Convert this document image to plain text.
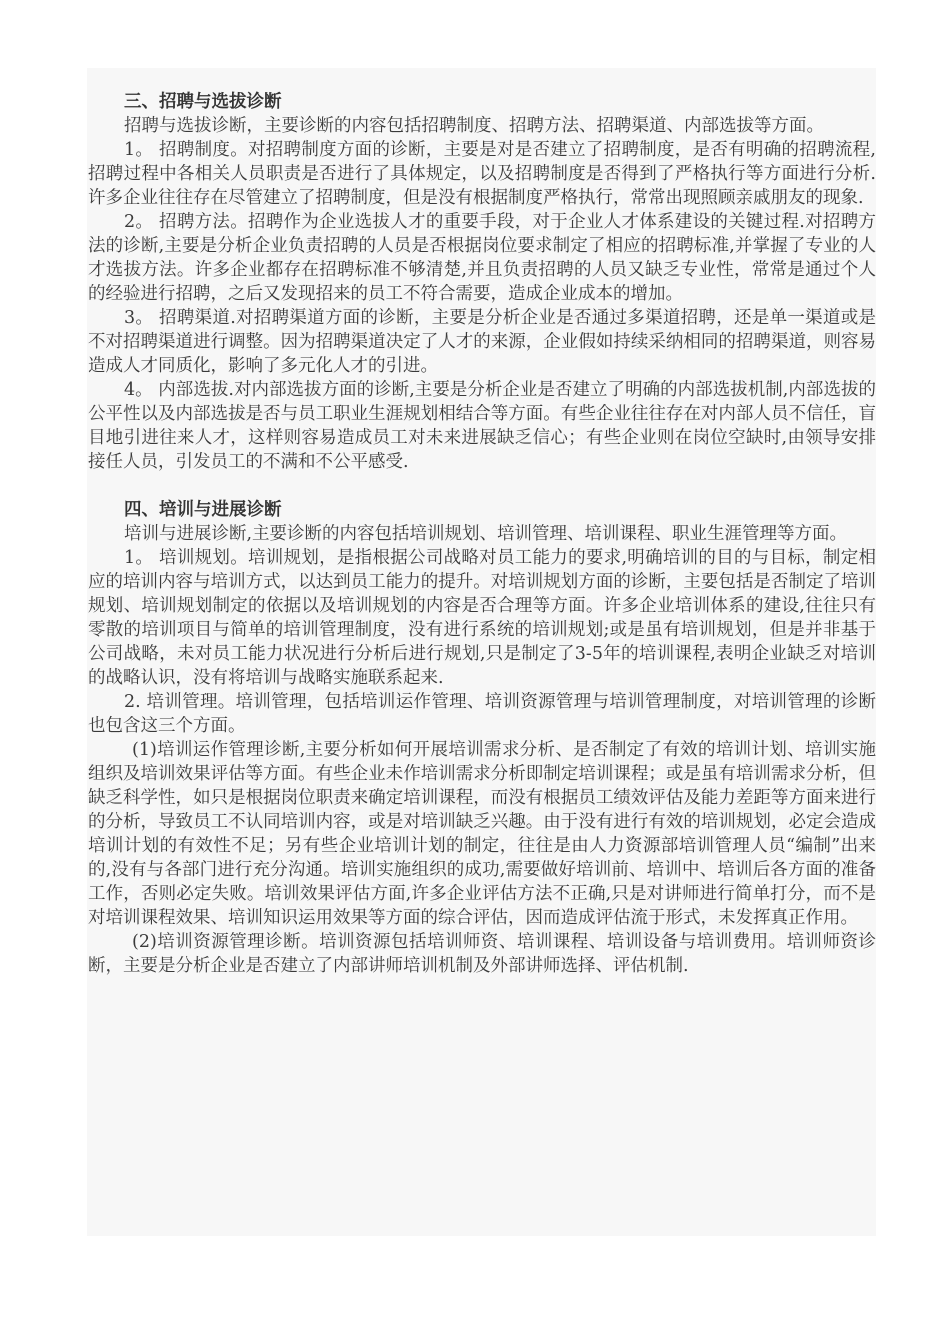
三、招聘与选拔诊断

招聘与选拔诊断，主要诊断的内容包括招聘制度、招聘方法、招聘渠道、内部选拔等方面。

1。 招聘制度。对招聘制度方面的诊断，主要是对是否建立了招聘制度，是否有明确的招聘流程,招聘过程中各相关人员职责是否进行了具体规定，以及招聘制度是否得到了严格执行等方面进行分析.许多企业往往存在尽管建立了招聘制度，但是没有根据制度严格执行，常常出现照顾亲戚朋友的现象.

2。 招聘方法。招聘作为企业选拔人才的重要手段，对于企业人才体系建设的关键过程.对招聘方法的诊断,主要是分析企业负责招聘的人员是否根据岗位要求制定了相应的招聘标准,并掌握了专业的人才选拔方法。许多企业都存在招聘标准不够清楚,并且负责招聘的人员又缺乏专业性，常常是通过个人的经验进行招聘，之后又发现招来的员工不符合需要，造成企业成本的增加。

3。 招聘渠道.对招聘渠道方面的诊断，主要是分析企业是否通过多渠道招聘，还是单一渠道或是不对招聘渠道进行调整。因为招聘渠道决定了人才的来源，企业假如持续采纳相同的招聘渠道，则容易造成人才同质化，影响了多元化人才的引进。

4。 内部选拔.对内部选拔方面的诊断,主要是分析企业是否建立了明确的内部选拔机制,内部选拔的公平性以及内部选拔是否与员工职业生涯规划相结合等方面。有些企业往往存在对内部人员不信任，盲目地引进往来人才，这样则容易造成员工对未来进展缺乏信心；有些企业则在岗位空缺时,由领导安排接任人员，引发员工的不满和不公平感受.

四、培训与进展诊断

培训与进展诊断,主要诊断的内容包括培训规划、培训管理、培训课程、职业生涯管理等方面。

1。 培训规划。培训规划，是指根据公司战略对员工能力的要求,明确培训的目的与目标，制定相应的培训内容与培训方式，以达到员工能力的提升。对培训规划方面的诊断，主要包括是否制定了培训规划、培训规划制定的依据以及培训规划的内容是否合理等方面。许多企业培训体系的建设,往往只有零散的培训项目与简单的培训管理制度，没有进行系统的培训规划;或是虽有培训规划，但是并非基于公司战略，未对员工能力状况进行分析后进行规划,只是制定了3-5年的培训课程,表明企业缺乏对培训的战略认识，没有将培训与战略实施联系起来.

2. 培训管理。培训管理，包括培训运作管理、培训资源管理与培训管理制度，对培训管理的诊断也包含这三个方面。

(1)培训运作管理诊断,主要分析如何开展培训需求分析、是否制定了有效的培训计划、培训实施组织及培训效果评估等方面。有些企业未作培训需求分析即制定培训课程；或是虽有培训需求分析，但缺乏科学性，如只是根据岗位职责来确定培训课程，而没有根据员工绩效评估及能力差距等方面来进行的分析，导致员工不认同培训内容，或是对培训缺乏兴趣。由于没有进行有效的培训规划，必定会造成培训计划的有效性不足；另有些企业培训计划的制定，往往是由人力资源部培训管理人员“编制”出来的,没有与各部门进行充分沟通。培训实施组织的成功,需要做好培训前、培训中、培训后各方面的准备工作，否则必定失败。培训效果评估方面,许多企业评估方法不正确,只是对讲师进行简单打分，而不是对培训课程效果、培训知识运用效果等方面的综合评估，因而造成评估流于形式，未发挥真正作用。

(2)培训资源管理诊断。培训资源包括培训师资、培训课程、培训设备与培训费用。培训师资诊断，主要是分析企业是否建立了内部讲师培训机制及外部讲师选择、评估机制.
